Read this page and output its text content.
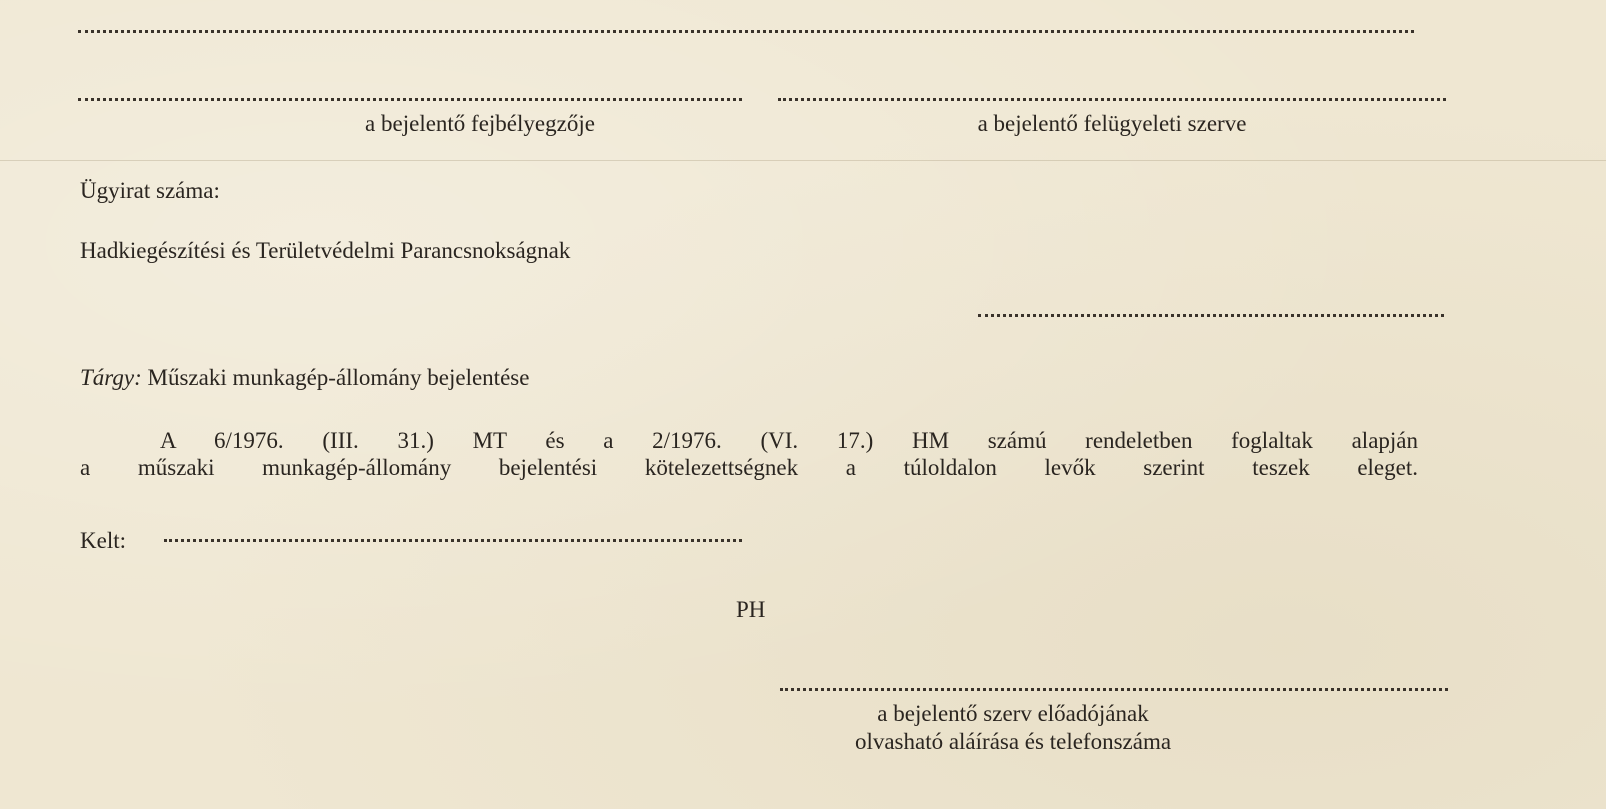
a bejelentő fejbélyegzője	a bejelentő felügyeleti szerve
Ügyirat száma:
Hadkiegészítési és Területvédelmi Parancsnokságnak
Tárgy: Műszaki munkagép-állomány bejelentése
A 6/1976. (III. 31.) MT és a 2/1976. (VI. 17.) HM számú rendeletben foglaltak alapján
a műszaki munkagép-állomány bejelentési kötelezettségnek a túloldalon levők szerint teszek eleget.
Kelt:
PH
a bejelentő szerv előadójának
olvasható aláírása és telefonszáma
